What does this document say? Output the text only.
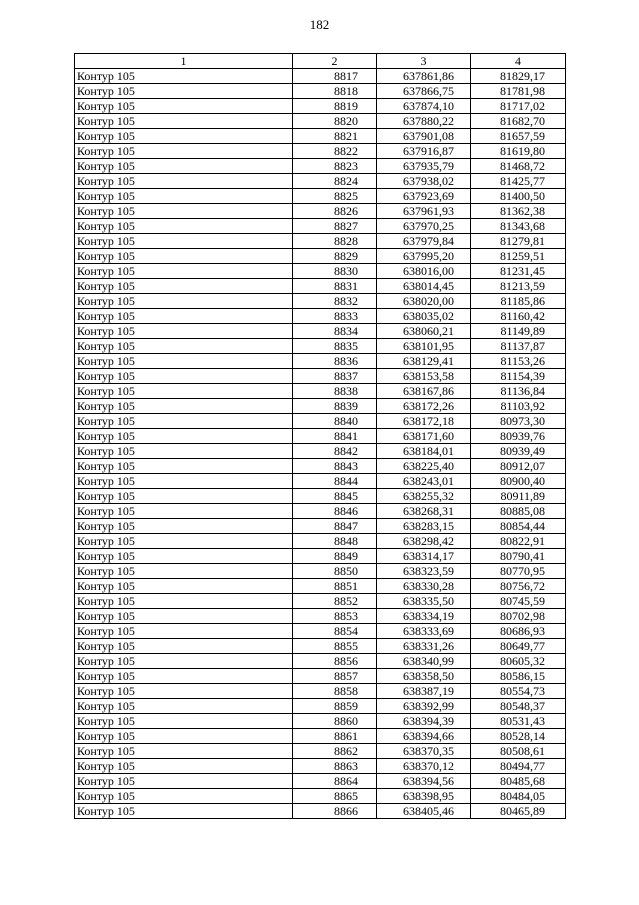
182
1	2	3	4
Контур 105	8817	637861,86	81829,17
Контур 105	8818	637866,75	81781,98
Контур 105	8819	637874,10	81717,02
Контур 105	8820	637880,22	81682,70
Контур 105	8821	637901,08	81657,59
Контур 105	8822	637916,87	81619,80
Контур 105	8823	637935,79	81468,72
Контур 105	8824	637938,02	81425,77
Контур 105	8825	637923,69	81400,50
Контур 105	8826	637961,93	81362,38
Контур 105	8827	637970,25	81343,68
Контур 105	8828	637979,84	81279,81
Контур 105	8829	637995,20	81259,51
Контур 105	8830	638016,00	81231,45
Контур 105	8831	638014,45	81213,59
Контур 105	8832	638020,00	81185,86
Контур 105	8833	638035,02	81160,42
Контур 105	8834	638060,21	81149,89
Контур 105	8835	638101,95	81137,87
Контур 105	8836	638129,41	81153,26
Контур 105	8837	638153,58	81154,39
Контур 105	8838	638167,86	81136,84
Контур 105	8839	638172,26	81103,92
Контур 105	8840	638172,18	80973,30
Контур 105	8841	638171,60	80939,76
Контур 105	8842	638184,01	80939,49
Контур 105	8843	638225,40	80912,07
Контур 105	8844	638243,01	80900,40
Контур 105	8845	638255,32	80911,89
Контур 105	8846	638268,31	80885,08
Контур 105	8847	638283,15	80854,44
Контур 105	8848	638298,42	80822,91
Контур 105	8849	638314,17	80790,41
Контур 105	8850	638323,59	80770,95
Контур 105	8851	638330,28	80756,72
Контур 105	8852	638335,50	80745,59
Контур 105	8853	638334,19	80702,98
Контур 105	8854	638333,69	80686,93
Контур 105	8855	638331,26	80649,77
Контур 105	8856	638340,99	80605,32
Контур 105	8857	638358,50	80586,15
Контур 105	8858	638387,19	80554,73
Контур 105	8859	638392,99	80548,37
Контур 105	8860	638394,39	80531,43
Контур 105	8861	638394,66	80528,14
Контур 105	8862	638370,35	80508,61
Контур 105	8863	638370,12	80494,77
Контур 105	8864	638394,56	80485,68
Контур 105	8865	638398,95	80484,05
Контур 105	8866	638405,46	80465,89
